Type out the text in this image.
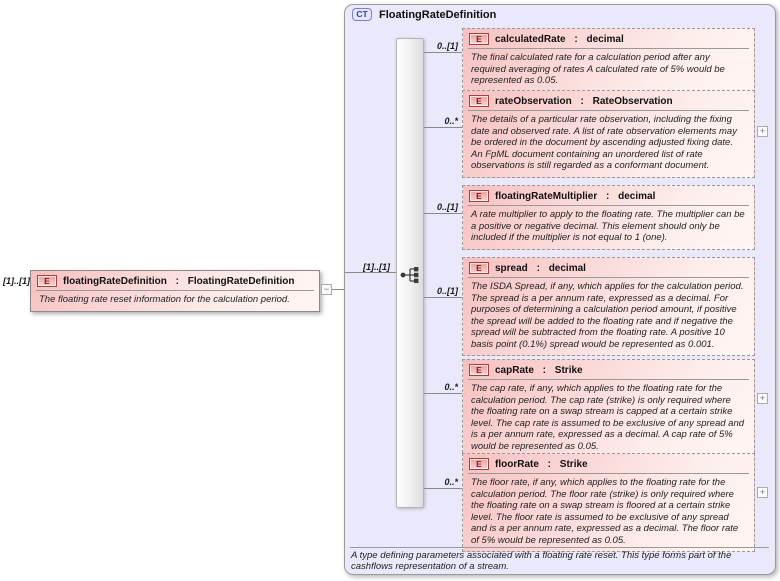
CT	FloatingRateDefinition
[1]..[1]	E	floatingRateDefinition : FloatingRateDefinition
The floating rate reset information for the calculation period.
−
[1]..[1]
0..[1]
0..*
0..[1]
0..[1]
0..*
0..*
E	calculatedRate : decimal
The final calculated rate for a calculation period after any required averaging of rates A calculated rate of 5% would be represented as 0.05.
E	rateObservation : RateObservation
The details of a particular rate observation, including the fixing date and observed rate. A list of rate observation elements may be ordered in the document by ascending adjusted fixing date. An FpML document containing an unordered list of rate observations is still regarded as a conformant document.
+
E	floatingRateMultiplier : decimal
A rate multiplier to apply to the floating rate. The multiplier can be a positive or negative decimal. This element should only be included if the multiplier is not equal to 1 (one).
E	spread : decimal
The ISDA Spread, if any, which applies for the calculation period. The spread is a per annum rate, expressed as a decimal. For purposes of determining a calculation period amount, if positive the spread will be added to the floating rate and if negative the spread will be subtracted from the floating rate. A positive 10 basis point (0.1%) spread would be represented as 0.001.
E	capRate : Strike
The cap rate, if any, which applies to the floating rate for the calculation period. The cap rate (strike) is only required where the floating rate on a swap stream is capped at a certain strike level. The cap rate is assumed to be exclusive of any spread and is a per annum rate, expressed as a decimal. A cap rate of 5% would be represented as 0.05.
+
E	floorRate : Strike
The floor rate, if any, which applies to the floating rate for the calculation period. The floor rate (strike) is only required where the floating rate on a swap stream is floored at a certain strike level. The floor rate is assumed to be exclusive of any spread and is a per annum rate, expressed as a decimal. The floor rate of 5% would be represented as 0.05.
+
A type defining parameters associated with a floating rate reset. This type forms part of the cashflows representation of a stream.
